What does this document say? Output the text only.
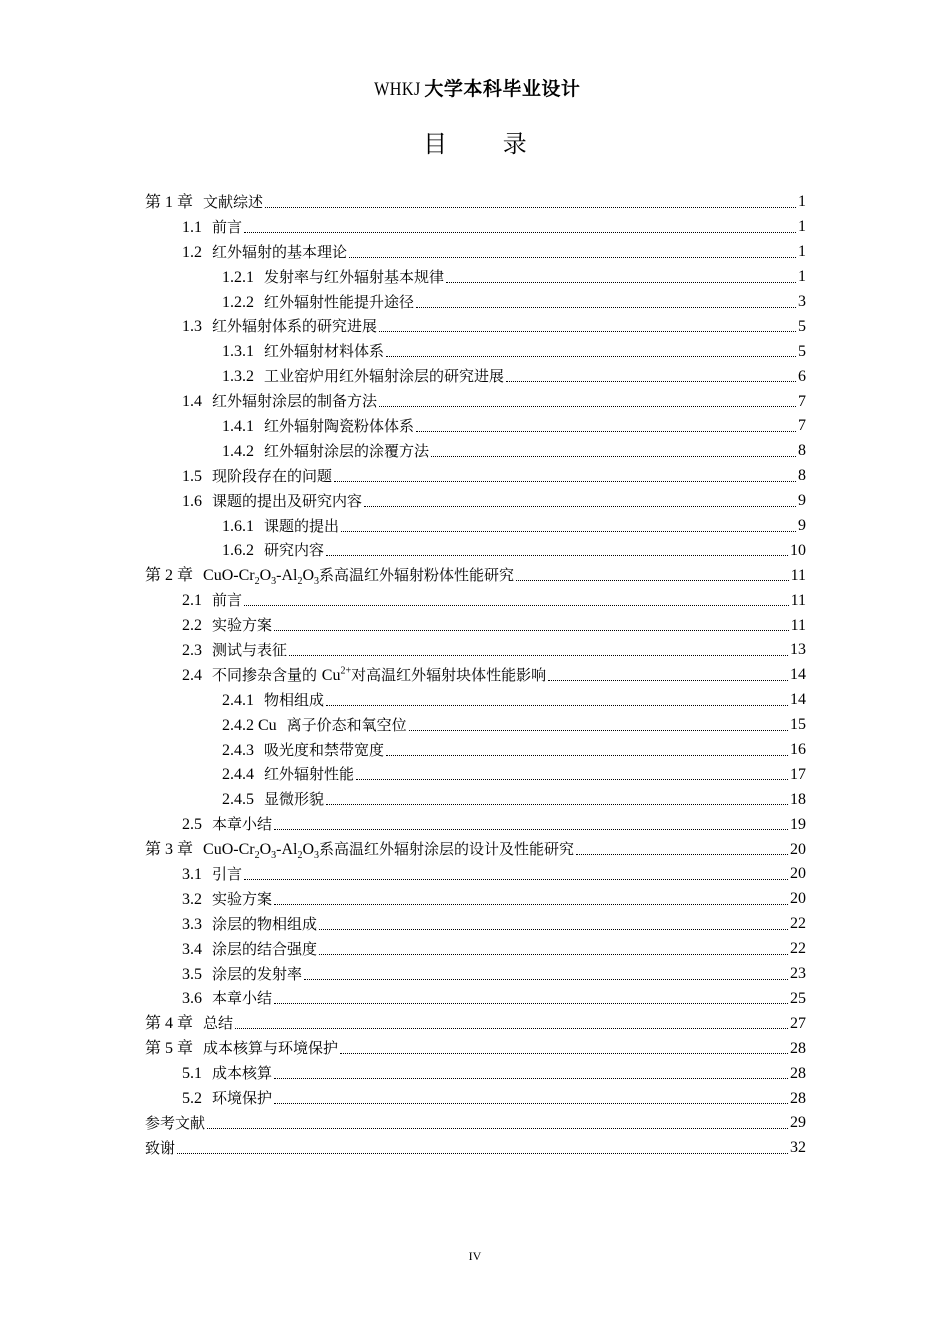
WHKJ 大学本科毕业设计
目 录
第 1 章 文献综述	1
1.1 前言	1
1.2 红外辐射的基本理论	1
1.2.1 发射率与红外辐射基本规律	1
1.2.2 红外辐射性能提升途径	3
1.3 红外辐射体系的研究进展	5
1.3.1 红外辐射材料体系	5
1.3.2 工业窑炉用红外辐射涂层的研究进展	6
1.4 红外辐射涂层的制备方法	7
1.4.1 红外辐射陶瓷粉体体系	7
1.4.2 红外辐射涂层的涂覆方法	8
1.5 现阶段存在的问题	8
1.6 课题的提出及研究内容	9
1.6.1 课题的提出	9
1.6.2 研究内容	10
第 2 章 CuO-$Cr_2O_3-Al_2O_3$系高温红外辐射粉体性能研究	11
2.1 前言	11
2.2 实验方案	11
2.3 测试与表征	13
2.4 不同掺杂含量的 $Cu^{2+}$对高温红外辐射块体性能影响	14
2.4.1 物相组成	14
2.4.2 Cu 离子价态和氧空位	15
2.4.3 吸光度和禁带宽度	16
2.4.4 红外辐射性能	17
2.4.5 显微形貌	18
2.5 本章小结	19
第 3 章 CuO-$Cr_2O_3-Al_2O_3$系高温红外辐射涂层的设计及性能研究	20
3.1 引言	20
3.2 实验方案	20
3.3 涂层的物相组成	22
3.4 涂层的结合强度	22
3.5 涂层的发射率	23
3.6 本章小结	25
第 4 章 总结	27
第 5 章 成本核算与环境保护	28
5.1 成本核算	28
5.2 环境保护	28
参考文献	29
致谢	32
IV
